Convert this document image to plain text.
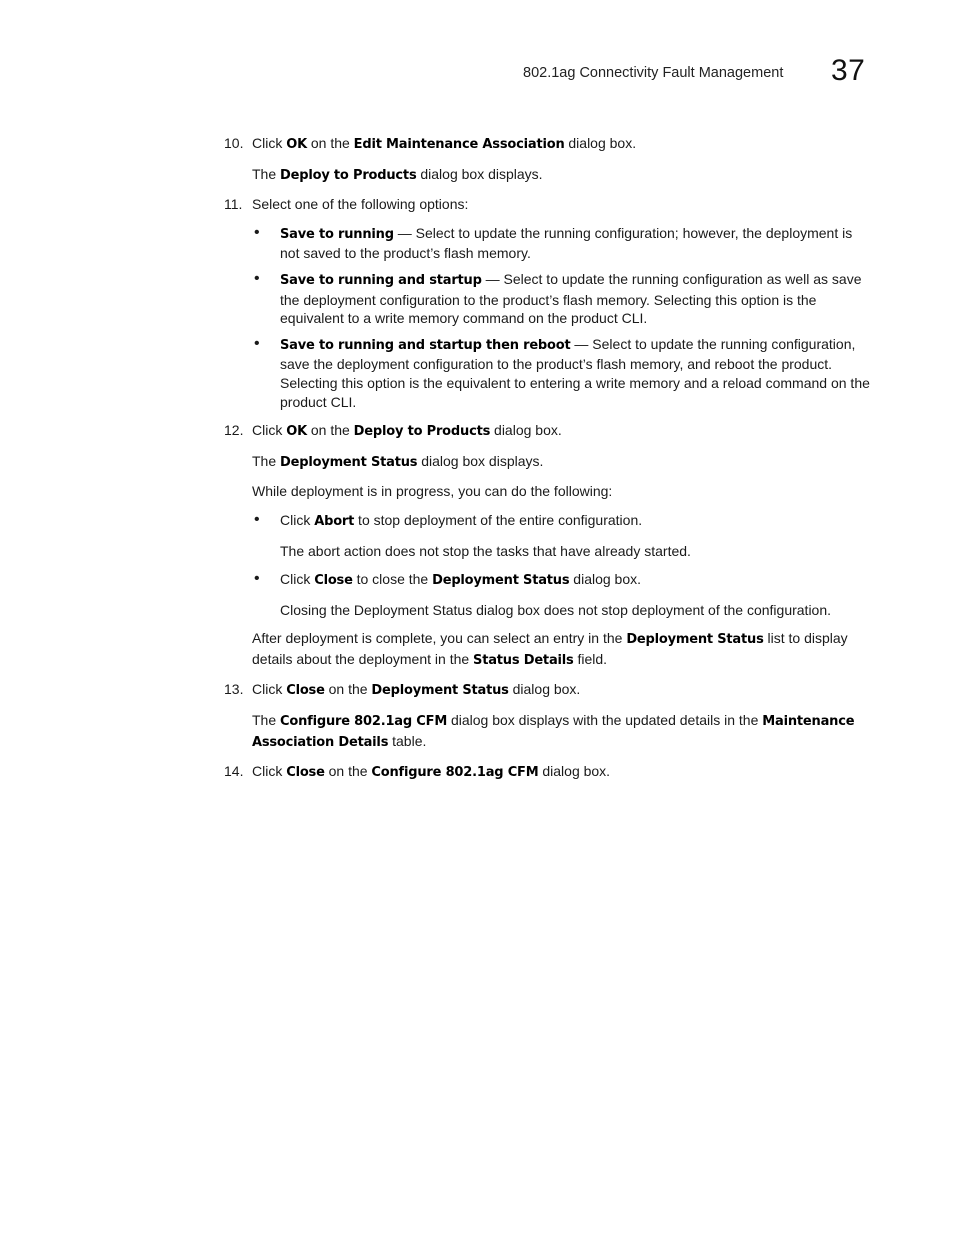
802.1ag Connectivity Fault Management 37
10. Click OK on the Edit Maintenance Association dialog box.
The Deploy to Products dialog box displays.
11. Select one of the following options:
• Save to running — Select to update the running configuration; however, the deployment is not saved to the product’s flash memory.
• Save to running and startup — Select to update the running configuration as well as save the deployment configuration to the product’s flash memory. Selecting this option is the equivalent to a write memory command on the product CLI.
• Save to running and startup then reboot — Select to update the running configuration, save the deployment configuration to the product’s flash memory, and reboot the product. Selecting this option is the equivalent to entering a write memory and a reload command on the product CLI.
12. Click OK on the Deploy to Products dialog box.
The Deployment Status dialog box displays.
While deployment is in progress, you can do the following:
• Click Abort to stop deployment of the entire configuration.
The abort action does not stop the tasks that have already started.
• Click Close to close the Deployment Status dialog box.
Closing the Deployment Status dialog box does not stop deployment of the configuration.
After deployment is complete, you can select an entry in the Deployment Status list to display details about the deployment in the Status Details field.
13. Click Close on the Deployment Status dialog box.
The Configure 802.1ag CFM dialog box displays with the updated details in the Maintenance Association Details table.
14. Click Close on the Configure 802.1ag CFM dialog box.
